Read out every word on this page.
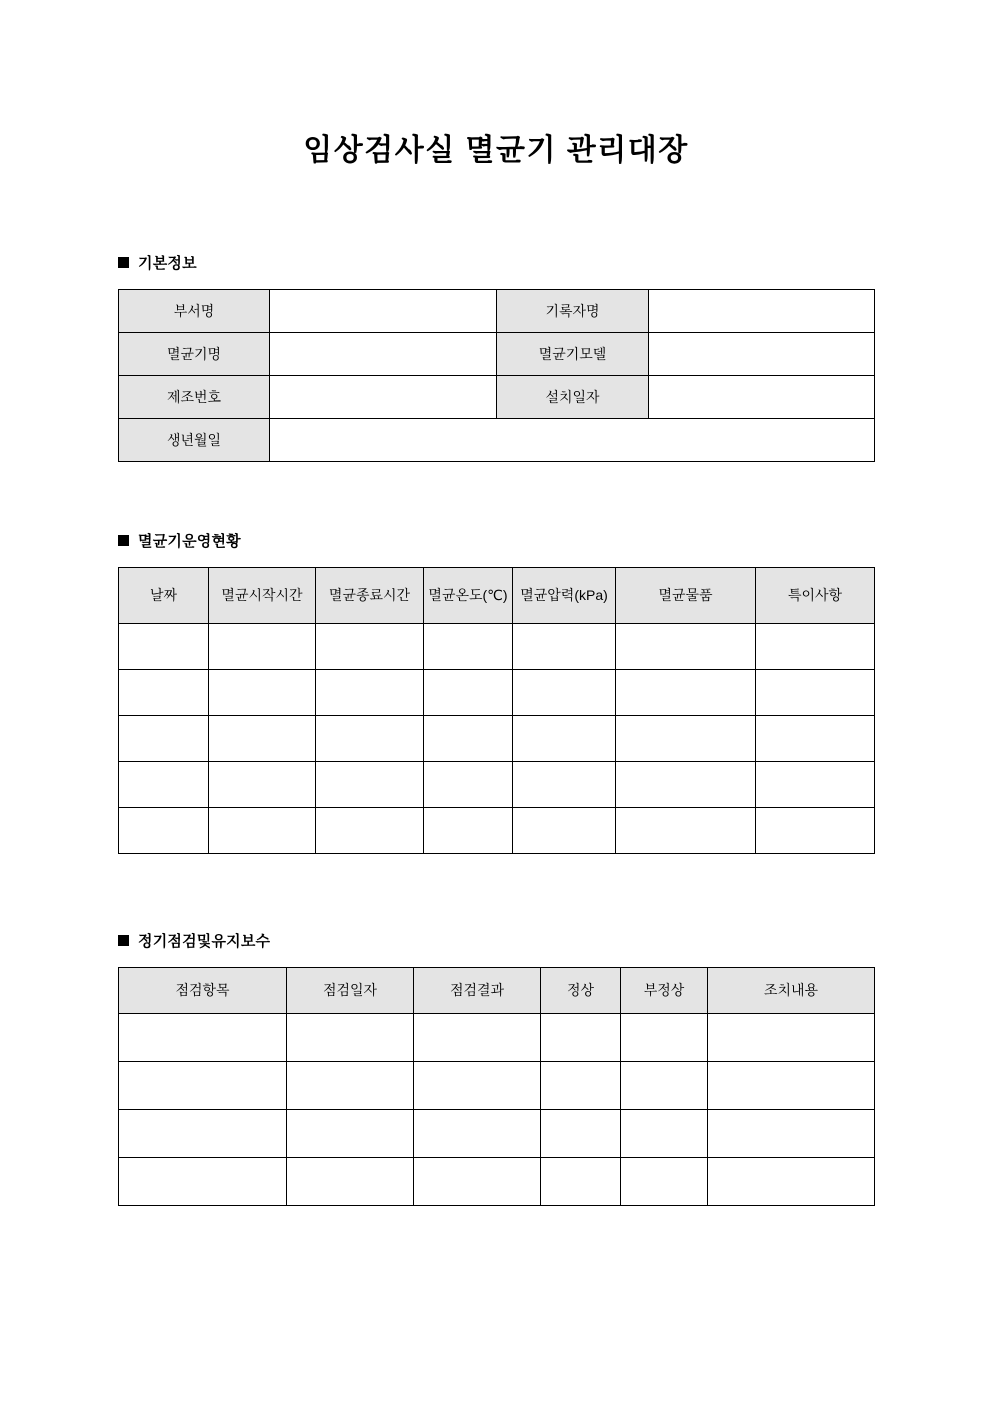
임상검사실 멸균기 관리대장
기본정보
부서명		기록자명	
멸균기명		멸균기모델	
제조번호		설치일자	
생년월일			
멸균기운영현황
날짜	멸균시작시간	멸균종료시간	멸균온도(℃)	멸균압력(kPa)	멸균물품	특이사항

정기점검및유지보수
점검항목	점검일자	점검결과	정상	부정상	조치내용
